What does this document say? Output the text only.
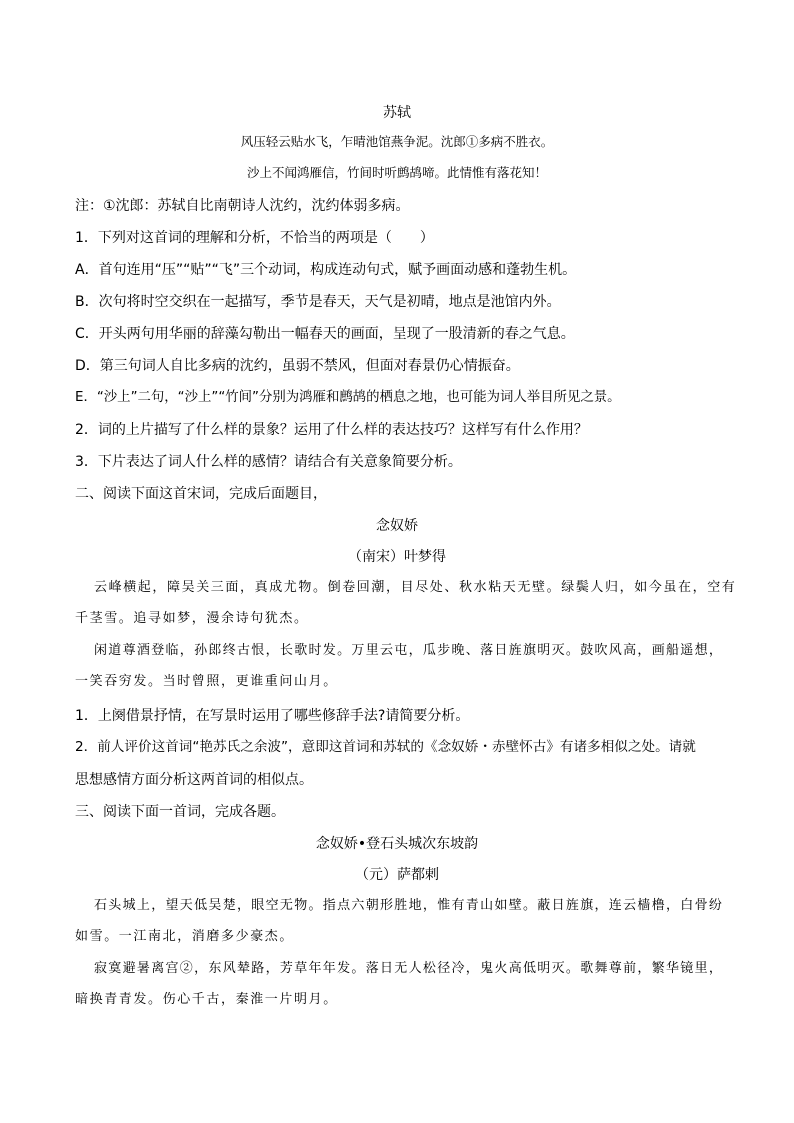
苏轼
风压轻云贴水飞，乍晴池馆燕争泥。沈郎①多病不胜衣。
沙上不闻鸿雁信，竹间时听鹧鸪啼。此情惟有落花知！
注：①沈郎：苏轼自比南朝诗人沈约，沈约体弱多病。
1．下列对这首词的理解和分析，不恰当的两项是（　　）
A．首句连用“压”“贴”“飞”三个动词，构成连动句式，赋予画面动感和蓬勃生机。
B．次句将时空交织在一起描写，季节是春天，天气是初晴，地点是池馆内外。
C．开头两句用华丽的辞藻勾勒出一幅春天的画面，呈现了一股清新的春之气息。
D．第三句词人自比多病的沈约，虽弱不禁风，但面对春景仍心情振奋。
E．“沙上”二句，“沙上”“竹间”分别为鸿雁和鹧鸪的栖息之地，也可能为词人举目所见之景。
2．词的上片描写了什么样的景象？运用了什么样的表达技巧？这样写有什么作用？
3．下片表达了词人什么样的感情？请结合有关意象简要分析。
二、阅读下面这首宋词，完成后面题目，
念奴娇
（南宋）叶梦得
云峰横起，障吴关三面，真成尤物。倒卷回潮，目尽处、秋水粘天无壁。绿鬓人归，如今虽在，空有
千茎雪。追寻如梦，漫余诗句犹杰。
闲道尊酒登临，孙郎终古恨，长歌时发。万里云屯，瓜步晚、落日旌旗明灭。鼓吹风高，画船遥想，
一笑吞穷发。当时曾照，更谁重问山月。
1．上阕借景抒情，在写景时运用了哪些修辞手法?请简要分析。
2．前人评价这首词“艳苏氏之余波”，意即这首词和苏轼的《念奴娇・赤壁怀古》有诸多相似之处。请就
思想感情方面分析这两首词的相似点。
三、阅读下面一首词，完成各题。
念奴娇•登石头城次东坡韵
（元）萨都剌
石头城上，望天低吴楚，眼空无物。指点六朝形胜地，惟有青山如壁。蔽日旌旗，连云樯橹，白骨纷
如雪。一江南北，消磨多少豪杰。
寂寞避暑离宫②，东风辇路，芳草年年发。落日无人松径冷，鬼火高低明灭。歌舞尊前，繁华镜里，
暗换青青发。伤心千古，秦淮一片明月。
